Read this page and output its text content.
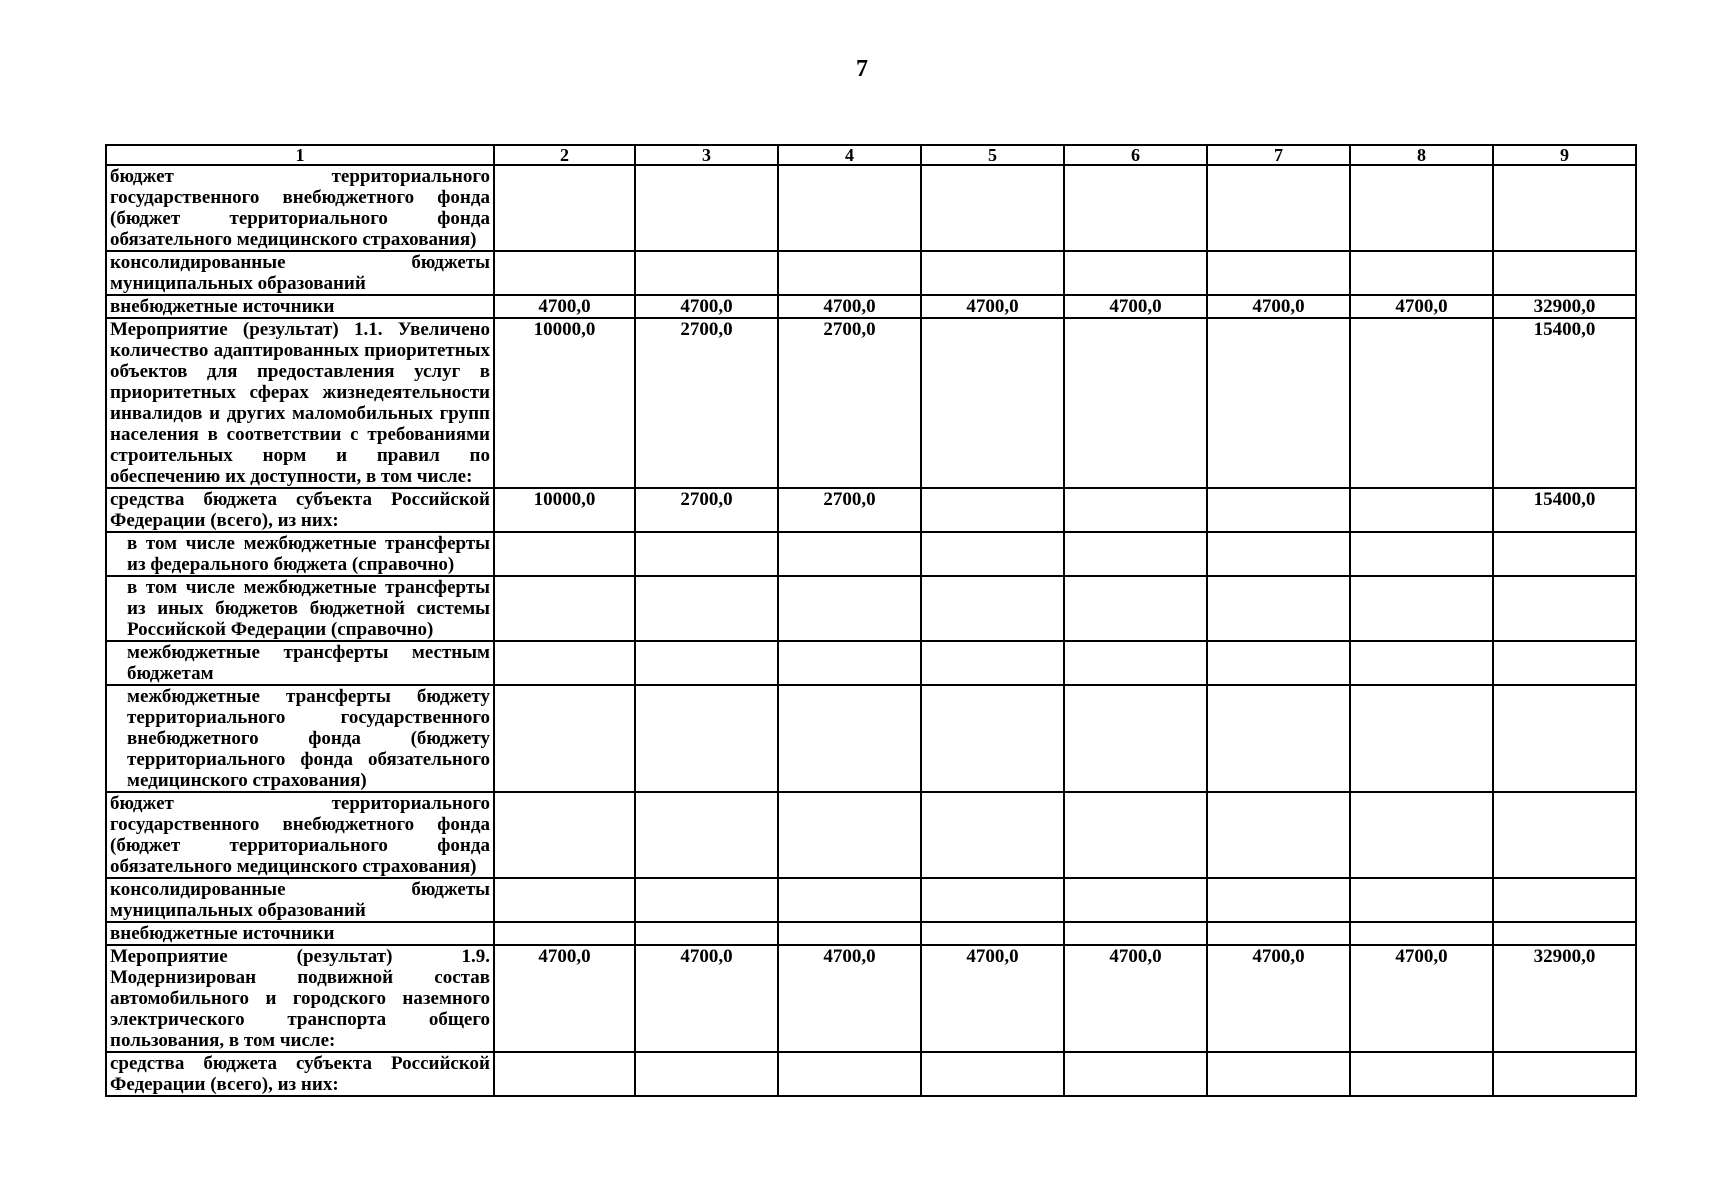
7
1	2	3	4	5	6	7	8	9
бюджет территориального государственного внебюджетного фонда (бюджет территориального фонда обязательного медицинского страхования)								
консолидированные бюджеты муниципальных образований								
внебюджетные источники	4700,0	4700,0	4700,0	4700,0	4700,0	4700,0	4700,0	32900,0
Мероприятие (результат) 1.1. Увеличено количество адаптированных приоритетных объектов для предоставления услуг в приоритетных сферах жизнедеятельности инвалидов и других маломобильных групп населения в соответствии с требованиями строительных норм и правил по обеспечению их доступности, в том числе:	10000,0	2700,0	2700,0					15400,0
средства бюджета субъекта Российской Федерации (всего), из них:	10000,0	2700,0	2700,0					15400,0
в том числе межбюджетные трансферты из федерального бюджета (справочно)								
в том числе межбюджетные трансферты из иных бюджетов бюджетной системы Российской Федерации (справочно)								
межбюджетные трансферты местным бюджетам								
межбюджетные трансферты бюджету территориального государственного внебюджетного фонда (бюджету территориального фонда обязательного медицинского страхования)								
бюджет территориального государственного внебюджетного фонда (бюджет территориального фонда обязательного медицинского страхования)								
консолидированные бюджеты муниципальных образований								
внебюджетные источники								
Мероприятие (результат) 1.9. Модернизирован подвижной состав автомобильного и городского наземного электрического транспорта общего пользования, в том числе:	4700,0	4700,0	4700,0	4700,0	4700,0	4700,0	4700,0	32900,0
средства бюджета субъекта Российской Федерации (всего), из них:								
